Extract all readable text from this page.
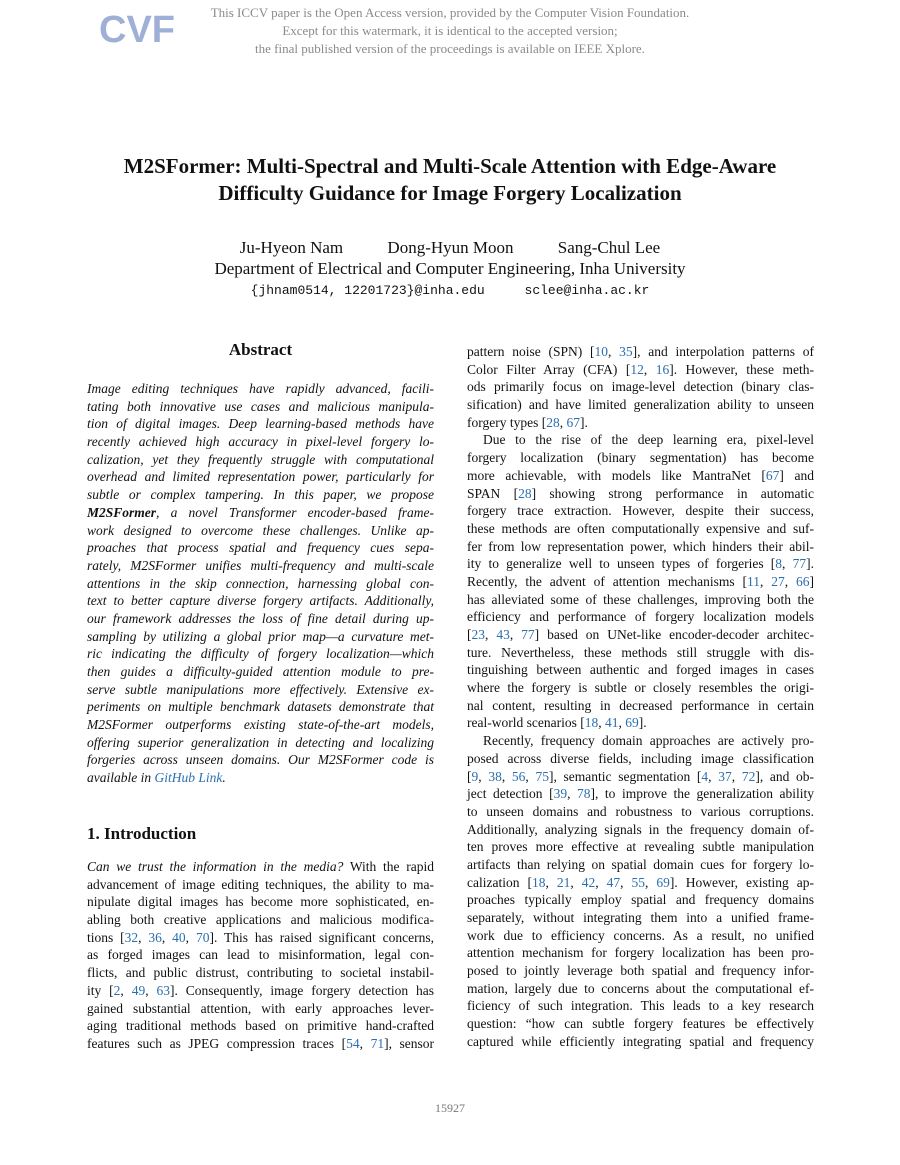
CVF	This ICCV paper is the Open Access version, provided by the Computer Vision Foundation.
Except for this watermark, it is identical to the accepted version;
the final published version of the proceedings is available on IEEE Xplore.
M2SFormer: Multi-Spectral and Multi-Scale Attention with Edge-Aware
Difficulty Guidance for Image Forgery Localization
Ju-Hyeon Nam	Dong-Hyun Moon	Sang-Chul Lee
Department of Electrical and Computer Engineering, Inha University
{jhnam0514, 12201723}@inha.edu	sclee@inha.ac.kr
Abstract
Image editing techniques have rapidly advanced, facili-
tating both innovative use cases and malicious manipula-
tion of digital images. Deep learning-based methods have
recently achieved high accuracy in pixel-level forgery lo-
calization, yet they frequently struggle with computational
overhead and limited representation power, particularly for
subtle or complex tampering. In this paper, we propose
M2SFormer, a novel Transformer encoder-based frame-
work designed to overcome these challenges. Unlike ap-
proaches that process spatial and frequency cues sepa-
rately, M2SFormer unifies multi-frequency and multi-scale
attentions in the skip connection, harnessing global con-
text to better capture diverse forgery artifacts. Additionally,
our framework addresses the loss of fine detail during up-
sampling by utilizing a global prior map—a curvature met-
ric indicating the difficulty of forgery localization—which
then guides a difficulty-guided attention module to pre-
serve subtle manipulations more effectively. Extensive ex-
periments on multiple benchmark datasets demonstrate that
M2SFormer outperforms existing state-of-the-art models,
offering superior generalization in detecting and localizing
forgeries across unseen domains. Our M2SFormer code is
available in GitHub Link.
1. Introduction
Can we trust the information in the media? With the rapid
advancement of image editing techniques, the ability to ma-
nipulate digital images has become more sophisticated, en-
abling both creative applications and malicious modifica-
tions [32, 36, 40, 70]. This has raised significant concerns,
as forged images can lead to misinformation, legal con-
flicts, and public distrust, contributing to societal instabil-
ity [2, 49, 63]. Consequently, image forgery detection has
gained substantial attention, with early approaches lever-
aging traditional methods based on primitive hand-crafted
features such as JPEG compression traces [54, 71], sensor
pattern noise (SPN) [10, 35], and interpolation patterns of
Color Filter Array (CFA) [12, 16]. However, these meth-
ods primarily focus on image-level detection (binary clas-
sification) and have limited generalization ability to unseen
forgery types [28, 67].
Due to the rise of the deep learning era, pixel-level
forgery localization (binary segmentation) has become
more achievable, with models like MantraNet [67] and
SPAN [28] showing strong performance in automatic
forgery trace extraction. However, despite their success,
these methods are often computationally expensive and suf-
fer from low representation power, which hinders their abil-
ity to generalize well to unseen types of forgeries [8, 77].
Recently, the advent of attention mechanisms [11, 27, 66]
has alleviated some of these challenges, improving both the
efficiency and performance of forgery localization models
[23, 43, 77] based on UNet-like encoder-decoder architec-
ture. Nevertheless, these methods still struggle with dis-
tinguishing between authentic and forged images in cases
where the forgery is subtle or closely resembles the origi-
nal content, resulting in decreased performance in certain
real-world scenarios [18, 41, 69].
Recently, frequency domain approaches are actively pro-
posed across diverse fields, including image classification
[9, 38, 56, 75], semantic segmentation [4, 37, 72], and ob-
ject detection [39, 78], to improve the generalization ability
to unseen domains and robustness to various corruptions.
Additionally, analyzing signals in the frequency domain of-
ten proves more effective at revealing subtle manipulation
artifacts than relying on spatial domain cues for forgery lo-
calization [18, 21, 42, 47, 55, 69]. However, existing ap-
proaches typically employ spatial and frequency domains
separately, without integrating them into a unified frame-
work due to efficiency concerns. As a result, no unified
attention mechanism for forgery localization has been pro-
posed to jointly leverage both spatial and frequency infor-
mation, largely due to concerns about the computational ef-
ficiency of such integration. This leads to a key research
question: “how can subtle forgery features be effectively
captured while efficiently integrating spatial and frequency
15927
